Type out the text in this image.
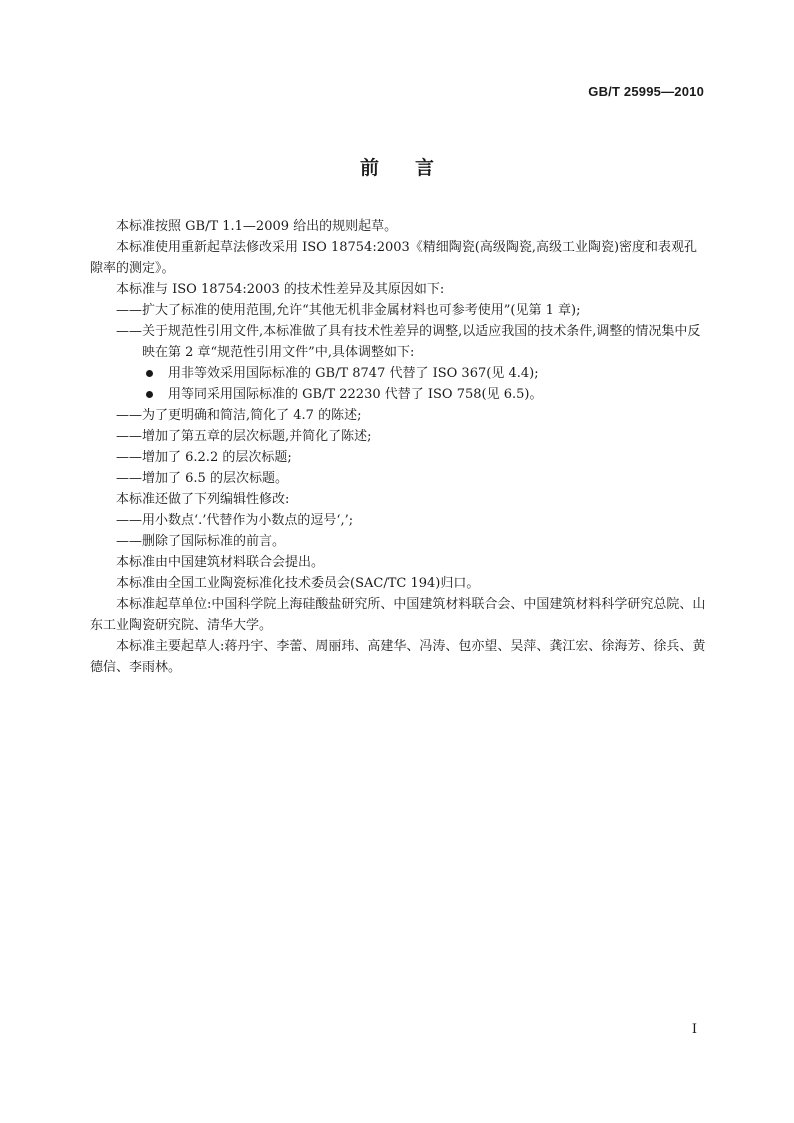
GB/T 25995—2010
前言

本标准按照 GB/T 1.1—2009 给出的规则起草。

本标准使用重新起草法修改采用 ISO 18754:2003《精细陶瓷(高级陶瓷,高级工业陶瓷)密度和表观孔隙率的测定》。

本标准与 ISO 18754:2003 的技术性差异及其原因如下:

——扩大了标准的使用范围,允许“其他无机非金属材料也可参考使用”(见第 1 章);

——关于规范性引用文件,本标准做了具有技术性差异的调整,以适应我国的技术条件,调整的情况集中反映在第 2 章“规范性引用文件”中,具体调整如下:

用非等效采用国际标准的 GB/T 8747 代替了 ISO 367(见 4.4);

用等同采用国际标准的 GB/T 22230 代替了 ISO 758(见 6.5)。

——为了更明确和简洁,简化了 4.7 的陈述;

——增加了第五章的层次标题,并简化了陈述;

——增加了 6.2.2 的层次标题;

——增加了 6.5 的层次标题。

本标准还做了下列编辑性修改:

——用小数点‘.’代替作为小数点的逗号‘,’;

——删除了国际标准的前言。

本标准由中国建筑材料联合会提出。

本标准由全国工业陶瓷标准化技术委员会(SAC/TC 194)归口。

本标准起草单位:中国科学院上海硅酸盐研究所、中国建筑材料联合会、中国建筑材料科学研究总院、山东工业陶瓷研究院、清华大学。

本标准主要起草人:蒋丹宇、李蕾、周丽玮、高建华、冯涛、包亦望、吴萍、龚江宏、徐海芳、徐兵、黄德信、李雨林。

I
